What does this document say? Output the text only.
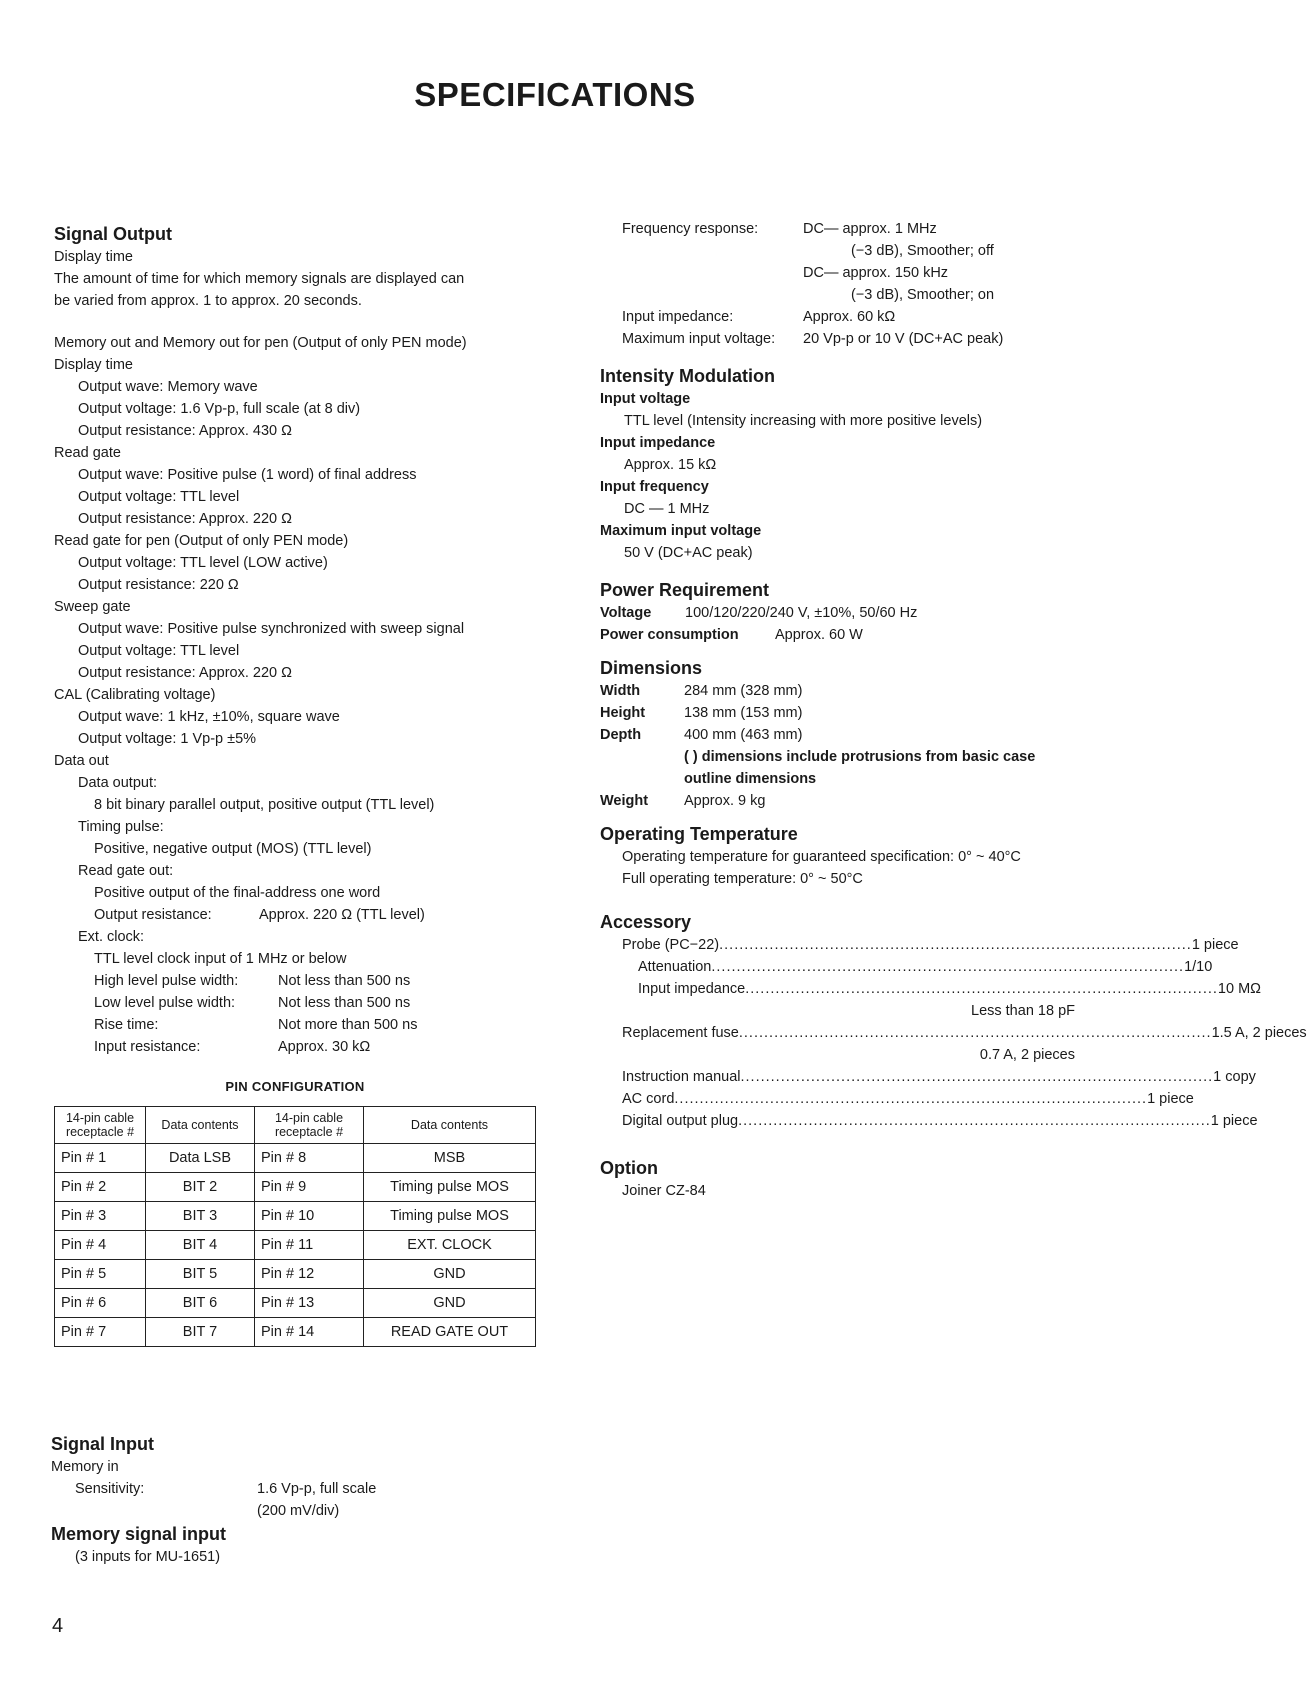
SPECIFICATIONS
Signal Output
Display time
The amount of time for which memory signals are displayed can
be varied from approx. 1 to approx. 20 seconds.
Memory out and Memory out for pen (Output of only PEN mode)
Display time
Output wave: Memory wave
Output voltage: 1.6 Vp-p, full scale (at 8 div)
Output resistance: Approx. 430 Ω
Read gate
Output wave: Positive pulse (1 word) of final address
Output voltage: TTL level
Output resistance: Approx. 220 Ω
Read gate for pen (Output of only PEN mode)
Output voltage: TTL level (LOW active)
Output resistance: 220 Ω
Sweep gate
Output wave: Positive pulse synchronized with sweep signal
Output voltage: TTL level
Output resistance: Approx. 220 Ω
CAL (Calibrating voltage)
Output wave: 1 kHz, ±10%, square wave
Output voltage: 1 Vp-p ±5%
Data out
Data output:
8 bit binary parallel output, positive output (TTL level)
Timing pulse:
Positive, negative output (MOS) (TTL level)
Read gate out:
Positive output of the final-address one word
Output resistance:	Approx. 220 Ω (TTL level)
Ext. clock:
TTL level clock input of 1 MHz or below
High level pulse width:	Not less than 500 ns
Low level pulse width:	Not less than 500 ns
Rise time:	Not more than 500 ns
Input resistance:	Approx. 30 kΩ
PIN CONFIGURATION
14-pin cable receptacle #	Data contents	14-pin cable receptacle #	Data contents
Pin # 1	Data LSB	Pin # 8	MSB
Pin # 2	BIT 2	Pin # 9	Timing pulse MOS
Pin # 3	BIT 3	Pin # 10	Timing pulse MOS
Pin # 4	BIT 4	Pin # 11	EXT. CLOCK
Pin # 5	BIT 5	Pin # 12	GND
Pin # 6	BIT 6	Pin # 13	GND
Pin # 7	BIT 7	Pin # 14	READ GATE OUT
Signal Input
Memory in
Sensitivity:	1.6 Vp-p, full scale
(200 mV/div)
Memory signal input
(3 inputs for MU-1651)
Frequency response:	DC— approx. 1 MHz
	(−3 dB), Smoother; off
	DC— approx. 150 kHz
	(−3 dB), Smoother; on
Input impedance:	Approx. 60 kΩ
Maximum input voltage:	20 Vp-p or 10 V (DC+AC peak)
Intensity Modulation
Input voltage
TTL level (Intensity increasing with more positive levels)
Input impedance
Approx. 15 kΩ
Input frequency
DC — 1 MHz
Maximum input voltage
50 V (DC+AC peak)
Power Requirement
Voltage	100/120/220/240 V, ±10%, 50/60 Hz
Power consumption	Approx. 60 W
Dimensions
Width	284 mm (328 mm)
Height	138 mm (153 mm)
Depth	400 mm (463 mm)
( ) dimensions include protrusions from basic case
outline dimensions
Weight	Approx. 9 kg
Operating Temperature
Operating temperature for guaranteed specification: 0° ~ 40°C
Full operating temperature: 0° ~ 50°C
Accessory
Probe (PC−22) .............................................................................................. 1 piece
Attenuation .............................................................................................. 1/10
Input impedance .............................................................................................. 10 MΩ
Less than 18 pF
Replacement fuse .............................................................................................. 1.5 A, 2 pieces
0.7 A, 2 pieces
Instruction manual .............................................................................................. 1 copy
AC cord .............................................................................................. 1 piece
Digital output plug .............................................................................................. 1 piece
Option
Joiner CZ-84
4
